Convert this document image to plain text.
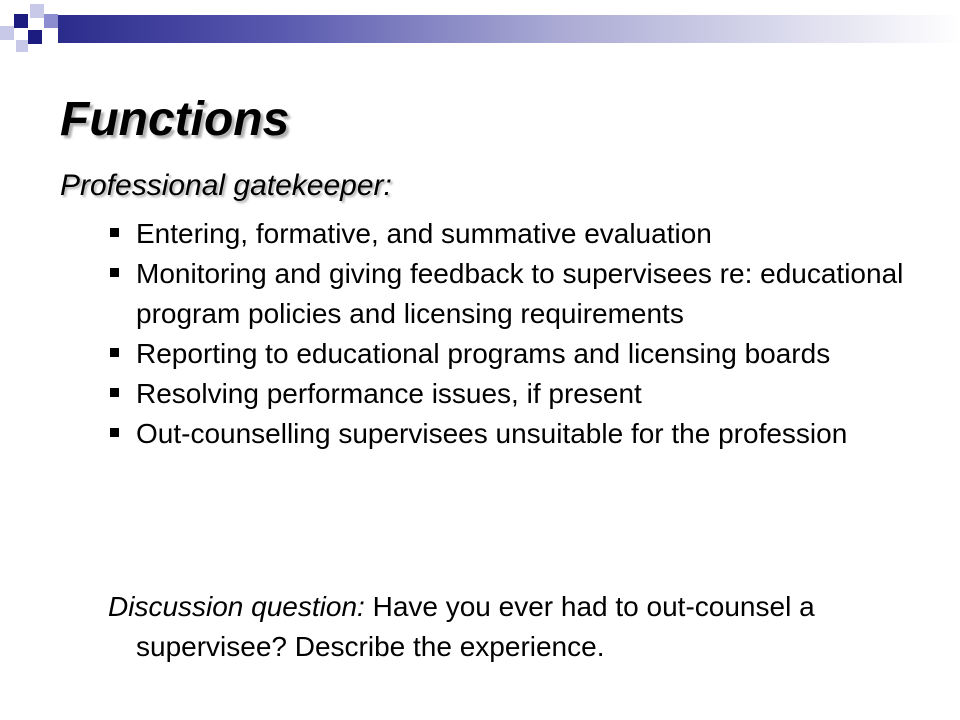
Functions
Professional gatekeeper:
Entering, formative, and summative evaluation
Monitoring and giving feedback to supervisees re: educational program policies and licensing requirements
Reporting to educational programs and licensing boards
Resolving performance issues, if present
Out-counselling supervisees unsuitable for the profession
Discussion question: Have you ever had to out-counsel a supervisee? Describe the experience.
